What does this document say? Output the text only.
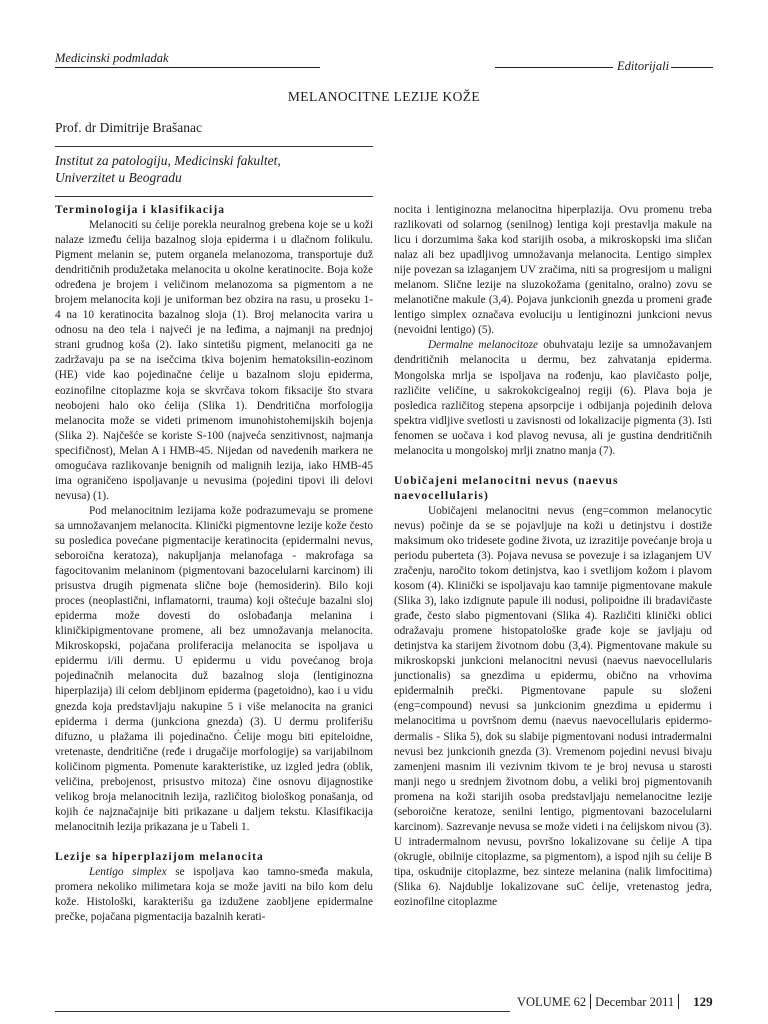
Medicinski podmladak
Editorijali
MELANOCITNE LEZIJE KOŽE
Prof. dr Dimitrije Brašanac
Institut za patologiju, Medicinski fakultet,
Univerzitet u Beogradu
Terminologija i klasifikacija

Melanociti su ćelije porekla neuralnog grebena koje se u koži nalaze između ćelija bazalnog sloja epiderma i u dlačnom folikulu. Pigment melanin se, putem organela melanozoma, transportuje duž dendritičnih produžetaka melanocita u okolne keratinocite. Boja kože određena je brojem i veličinom melanozoma sa pigmentom a ne brojem melanocita koji je uniforman bez obzira na rasu, u proseku 1-4 na 10 keratinocita bazalnog sloja (1). Broj melanocita varira u odnosu na deo tela i najveći je na leđima, a najmanji na prednjoj strani grudnog koša (2). Iako sintetišu pigment, melanociti ga ne zadržavaju pa se na isečcima tkiva bojenim hematoksilin-eozinom (HE) vide kao pojedinačne ćelije u bazalnom sloju epiderma, eozinofilne citoplazme koja se skvrčava tokom fiksacije što stvara neobojeni halo oko ćelija (Slika 1). Dendritična morfologija melanocita može se videti primenom imunohistohemijskih bojenja (Slika 2). Najčešće se koriste S-100 (najveća senzitivnost, najmanja specifičnost), Melan A i HMB-45. Nijedan od navedenih markera ne omogućava razlikovanje benignih od malignih lezija, iako HMB-45 ima ograničeno ispoljavanje u nevusima (pojedini tipovi ili delovi nevusa) (1).

Pod melanocitnim lezijama kože podrazumevaju se promene sa umnožavanjem melanocita. Klinički pigmentovne lezije kože često su posledica povećane pigmentacije keratinocita (epidermalni nevus, seboroična keratoza), nakupljanja melanofaga - makrofaga sa fagocitovanim melaninom (pigmentovani bazocelularni karcinom) ili prisustva drugih pigmenata slične boje (hemosiderin). Bilo koji proces (neoplastični, inflamatorni, trauma) koji oštećuje bazalni sloj epiderma može dovesti do oslobađanja melanina i kliničkipigmentovane promene, ali bez umnožavanja melanocita. Mikroskopski, pojačana proliferacija melanocita se ispoljava u epidermu i/ili dermu. U epidermu u vidu povećanog broja pojedinačnih melanocita duž bazalnog sloja (lentiginozna hiperplazija) ili celom debljinom epiderma (pagetoidno), kao i u vidu gnezda koja predstavljaju nakupine 5 i više melanocita na granici epiderma i derma (junkciona gnezda) (3). U dermu proliferišu difuzno, u plažama ili pojedinačno. Ćelije mogu biti epiteloidne, vretenaste, dendritične (ređe i drugačije morfologije) sa varijabilnom količinom pigmenta. Pomenute karakteristike, uz izgled jedra (oblik, veličina, prebojenost, prisustvo mitoza) čine osnovu dijagnostike velikog broja melanocitnih lezija, različitog biološkog ponašanja, od kojih će najznačajnije biti prikazane u daljem tekstu. Klasifikacija melanocitnih lezija prikazana je u Tabeli 1.

Lezije sa hiperplazijom melanocita

Lentigo simplex se ispoljava kao tamno-smeđa makula, promera nekoliko milimetara koja se može javiti na bilo kom delu kože. Histološki, karakterišu ga izdužene zaobljene epidermalne prečke, pojačana pigmentacija bazalnih kerati-

nocita i lentiginozna melanocitna hiperplazija. Ovu promenu treba razlikovati od solarnog (senilnog) lentiga koji prestavlja makule na licu i dorzumima šaka kod starijih osoba, a mikroskopski ima sličan nalaz ali bez upadljivog umnožavanja melanocita. Lentigo simplex nije povezan sa izlaganjem UV zračima, niti sa progresijom u maligni melanom. Slične lezije na sluzokožama (genitalno, oralno) zovu se melanotične makule (3,4). Pojava junkcionih gnezda u promeni građe lentigo simplex označava evoluciju u lentiginozni junkcioni nevus (nevoidni lentigo) (5).

Dermalne melanocitoze obuhvataju lezije sa umnožavanjem dendritičnih melanocita u dermu, bez zahvatanja epiderma. Mongolska mrlja se ispoljava na rođenju, kao plavičasto polje, različite veličine, u sakrokokcigealnoj regiji (6). Plava boja je posledica različitog stepena apsorpcije i odbijanja pojedinih delova spektra vidljive svetlosti u zavisnosti od lokalizacije pigmenta (3). Isti fenomen se uočava i kod plavog nevusa, ali je gustina dendritičnih melanocita u mongolskoj mrlji znatno manja (7).

Uobičajeni melanocitni nevus (naevus naevocellularis)

Uobičajeni melanocitni nevus (eng=common melanocytic nevus) počinje da se se pojavljuje na koži u detinjstvu i dostiže maksimum oko tridesete godine života, uz izrazitije povećanje broja u periodu puberteta (3). Pojava nevusa se povezuje i sa izlaganjem UV zračenju, naročito tokom detinjstva, kao i svetlijom kožom i plavom kosom (4). Klinički se ispoljavaju kao tamnije pigmentovane makule (Slika 3), lako izdignute papule ili nodusi, polipoidne ili bradavičaste građe, često slabo pigmentovani (Slika 4). Različiti klinički oblici odražavaju promene histopatološke građe koje se javljaju od detinjstva ka starijem životnom dobu (3,4). Pigmentovane makule su mikroskopski junkcioni melanocitni nevusi (naevus naevocellularis junctionalis) sa gnezdima u epidermu, obično na vrhovima epidermalnih prečki. Pigmentovane papule su složeni (eng=compound) nevusi sa junkcionim gnezdima u epidermu i melanocitima u površnom demu (naevus naevocellularis epidermo-dermalis - Slika 5), dok su slabije pigmentovani nodusi intradermalni nevusi bez junkcionih gnezda (3). Vremenom pojedini nevusi bivaju zamenjeni masnim ili vezivnim tkivom te je broj nevusa u starosti manji nego u srednjem životnom dobu, a veliki broj pigmentovanih promena na koži starijih osoba predstavljaju nemelanocitne lezije (seboroične keratoze, senilni lentigo, pigmentovani bazocelularni karcinom). Sazrevanje nevusa se može videti i na ćelijskom nivou (3). U intradermalnom nevusu, površno lokalizovane su ćelije A tipa (okrugle, obilnije citoplazme, sa pigmentom), a ispod njih su ćelije B tipa, oskudnije citoplazme, bez sinteze melanina (nalik limfocitima) (Slika 6). Najdublje lokalizovane suC ćelije, vretenastog jedra, eozinofilne citoplazme

VOLUME 62 Decembar 2011 129
